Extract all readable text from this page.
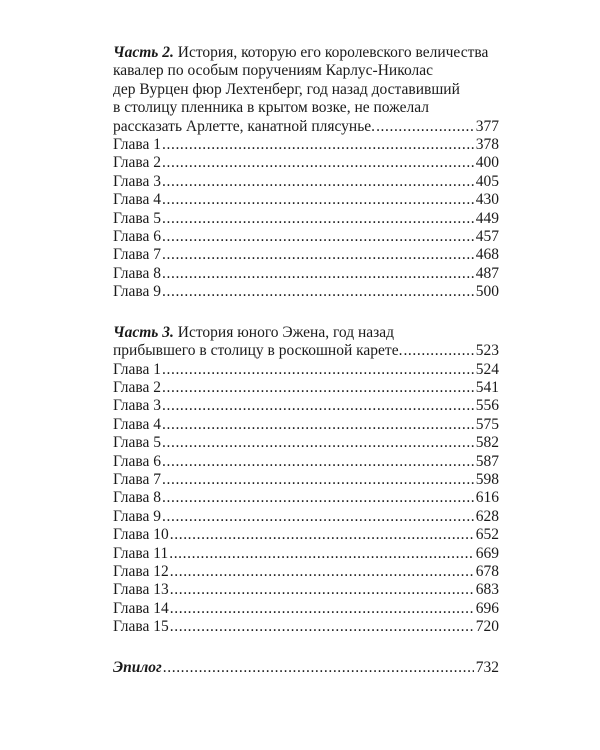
Часть 2. История, которую его королевского величества
кавалер по особым поручениям Карлус-Николас
дер Вурцен фюр Лехтенберг, год назад доставивший
в столицу пленника в крытом возке, не пожелал
рассказать Арлетте, канатной плясунье. .....	377
Глава 1 .....	378
Глава 2 .....	400
Глава 3 .....	405
Глава 4 .....	430
Глава 5 .....	449
Глава 6 .....	457
Глава 7 .....	468
Глава 8 .....	487
Глава 9 .....	500
Часть 3. История юного Эжена, год назад
прибывшего в столицу в роскошной карете. .....	523
Глава 1 .....	524
Глава 2 .....	541
Глава 3 .....	556
Глава 4 .....	575
Глава 5 .....	582
Глава 6 .....	587
Глава 7 .....	598
Глава 8 .....	616
Глава 9 .....	628
Глава 10 .....	652
Глава 11 .....	669
Глава 12 .....	678
Глава 13 .....	683
Глава 14 .....	696
Глава 15 .....	720
Эпилог .....	732
